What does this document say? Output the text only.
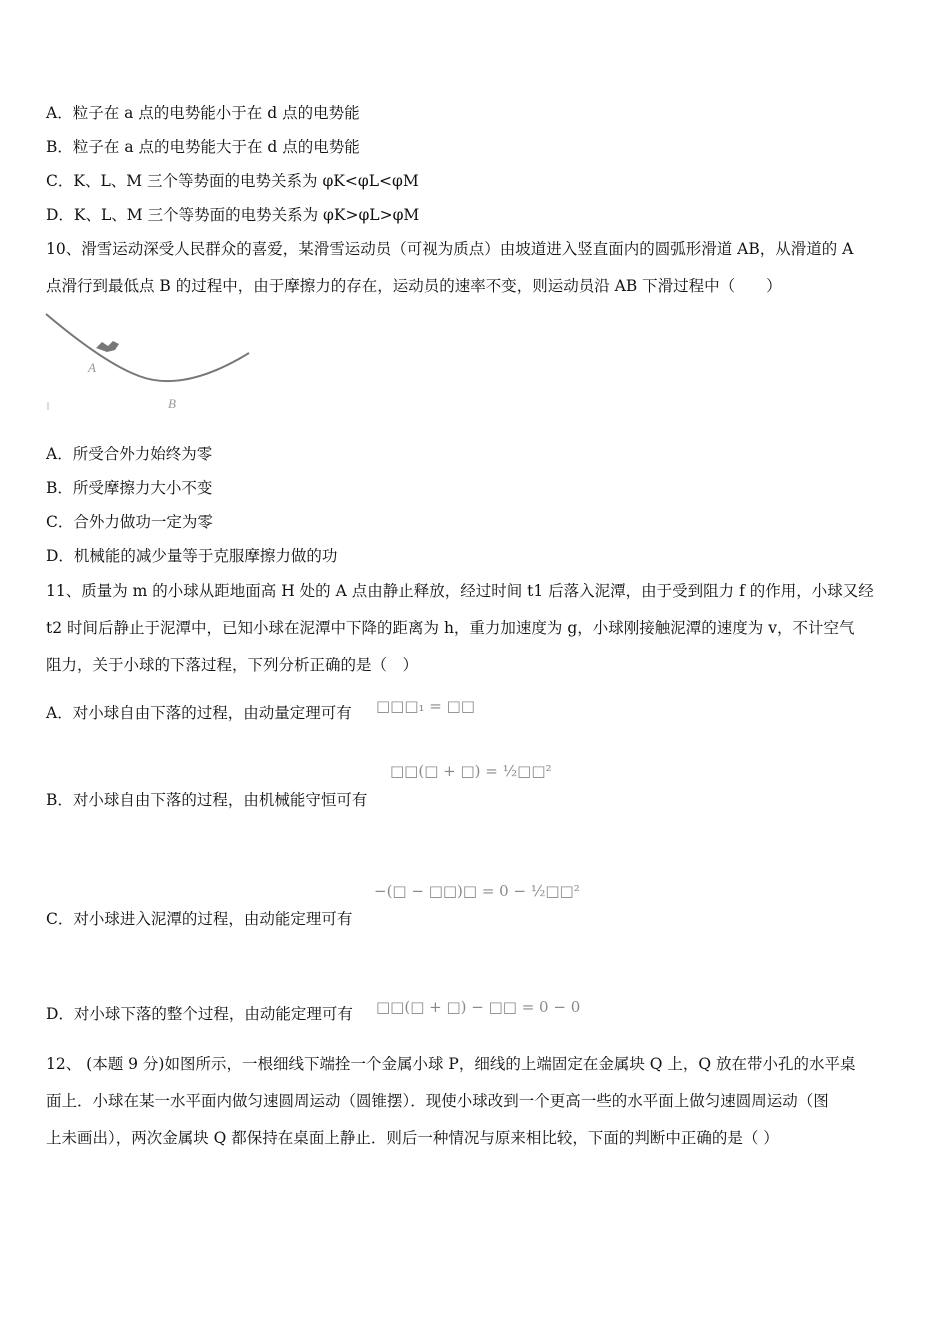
A．粒子在 a 点的电势能小于在 d 点的电势能
B．粒子在 a 点的电势能大于在 d 点的电势能
C．K、L、M 三个等势面的电势关系为 φK<φL<φM
D．K、L、M 三个等势面的电势关系为 φK>φL>φM
10、滑雪运动深受人民群众的喜爱，某滑雪运动员（可视为质点）由坡道进入竖直面内的圆弧形滑道 AB，从滑道的 A
点滑行到最低点 B 的过程中，由于摩擦力的存在，运动员的速率不变，则运动员沿 AB 下滑过程中（　　）
A
B
A．所受合外力始终为零
B．所受摩擦力大小不变
C．合外力做功一定为零
D．机械能的减少量等于克服摩擦力做的功
11、质量为 m 的小球从距地面高 H 处的 A 点由静止释放，经过时间 t1 后落入泥潭，由于受到阻力 f 的作用，小球又经
t2 时间后静止于泥潭中，已知小球在泥潭中下降的距离为 h，重力加速度为 g，小球刚接触泥潭的速度为 v，不计空气
阻力，关于小球的下落过程，下列分析正确的是（　）
A．对小球自由下落的过程，由动量定理可有 □□□₁ = □□
□□(□ + □) = ½□□²
B．对小球自由下落的过程，由机械能守恒可有
−(□ − □□)□ = 0 − ½□□²
C．对小球进入泥潭的过程，由动能定理可有
D．对小球下落的整个过程，由动能定理可有 □□(□ + □) − □□ = 0 − 0
12、 (本题 9 分)如图所示，一根细线下端拴一个金属小球 P，细线的上端固定在金属块 Q 上，Q 放在带小孔的水平桌
面上．小球在某一水平面内做匀速圆周运动（圆锥摆）．现使小球改到一个更高一些的水平面上做匀速圆周运动（图
上未画出），两次金属块 Q 都保持在桌面上静止．则后一种情况与原来相比较，下面的判断中正确的是（ ）
